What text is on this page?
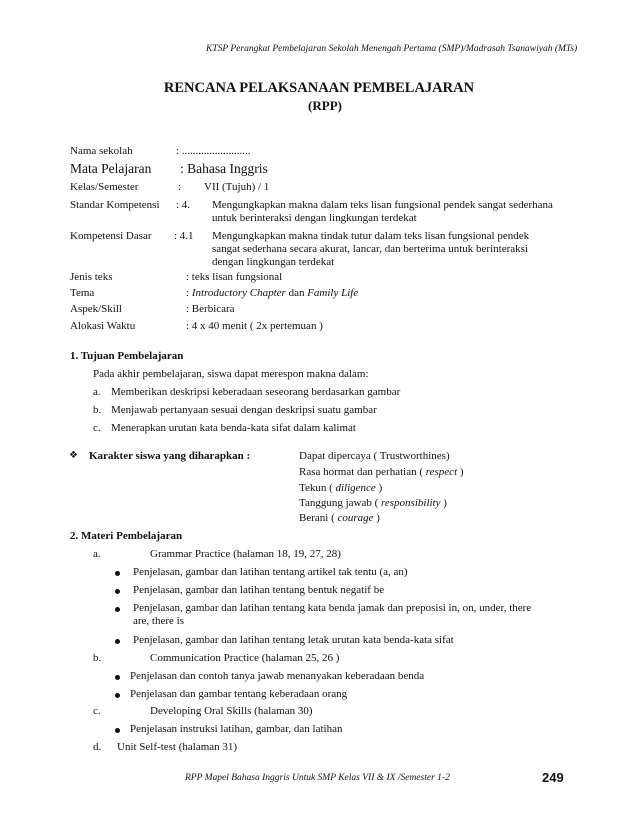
KTSP Perangkat Pembelajaran Sekolah Menengah Pertama (SMP)/Madrasah Tsanawiyah (MTs)
RENCANA PELAKSANAAN PEMBELAJARAN
(RPP)
Nama sekolah	: .........................
Mata Pelajaran : Bahasa Inggris
Kelas/Semester	: VII (Tujuh) / 1
Standar Kompetensi : 4. Mengungkapkan makna dalam teks lisan fungsional pendek sangat sederhana
untuk berinteraksi dengan lingkungan terdekat
Kompetensi Dasar : 4.1 Mengungkapkan makna tindak tutur dalam teks lisan fungsional pendek
sangat sederhana secara akurat, lancar, dan berterima untuk berinteraksi
dengan lingkungan terdekat
Jenis teks	: teks lisan fungsional
Tema	: Introductory Chapter dan Family Life
Aspek/Skill	: Berbicara
Alokasi Waktu	: 4 x 40 menit ( 2x pertemuan )
1. Tujuan Pembelajaran
Pada akhir pembelajaran, siswa dapat merespon makna dalam:
a. Memberikan deskripsi keberadaan seseorang berdasarkan gambar
b. Menjawab pertanyaan sesuai dengan deskripsi suatu gambar
c. Menerapkan urutan kata benda-kata sifat dalam kalimat
❖ Karakter siswa yang diharapkan :	Dapat dipercaya ( Trustworthines)
Rasa hormat dan perhatian ( respect )
Tekun ( diligence )
Tanggung jawab ( responsibility )
Berani ( courage )
2. Materi Pembelajaran
a.	Grammar Practice (halaman 18, 19, 27, 28)
Penjelasan, gambar dan latihan tentang artikel tak tentu (a, an)
Penjelasan, gambar dan latihan tentang bentuk negatif be
Penjelasan, gambar dan latihan tentang kata benda jamak dan preposisi in, on, under, there
are, there is
Penjelasan, gambar dan latihan tentang letak urutan kata benda-kata sifat
b.	Communication Practice (halaman 25, 26 )
Penjelasan dan contoh tanya jawab menanyakan keberadaan benda
Penjelasan dan gambar tentang keberadaan orang
c.	Developing Oral Skills (halaman 30)
Penjelasan instruksi latihan, gambar, dan latihan
d. Unit Self-test (halaman 31)
RPP Mapel Bahasa Inggris Untuk SMP Kelas VII & IX /Semester 1-2	249
